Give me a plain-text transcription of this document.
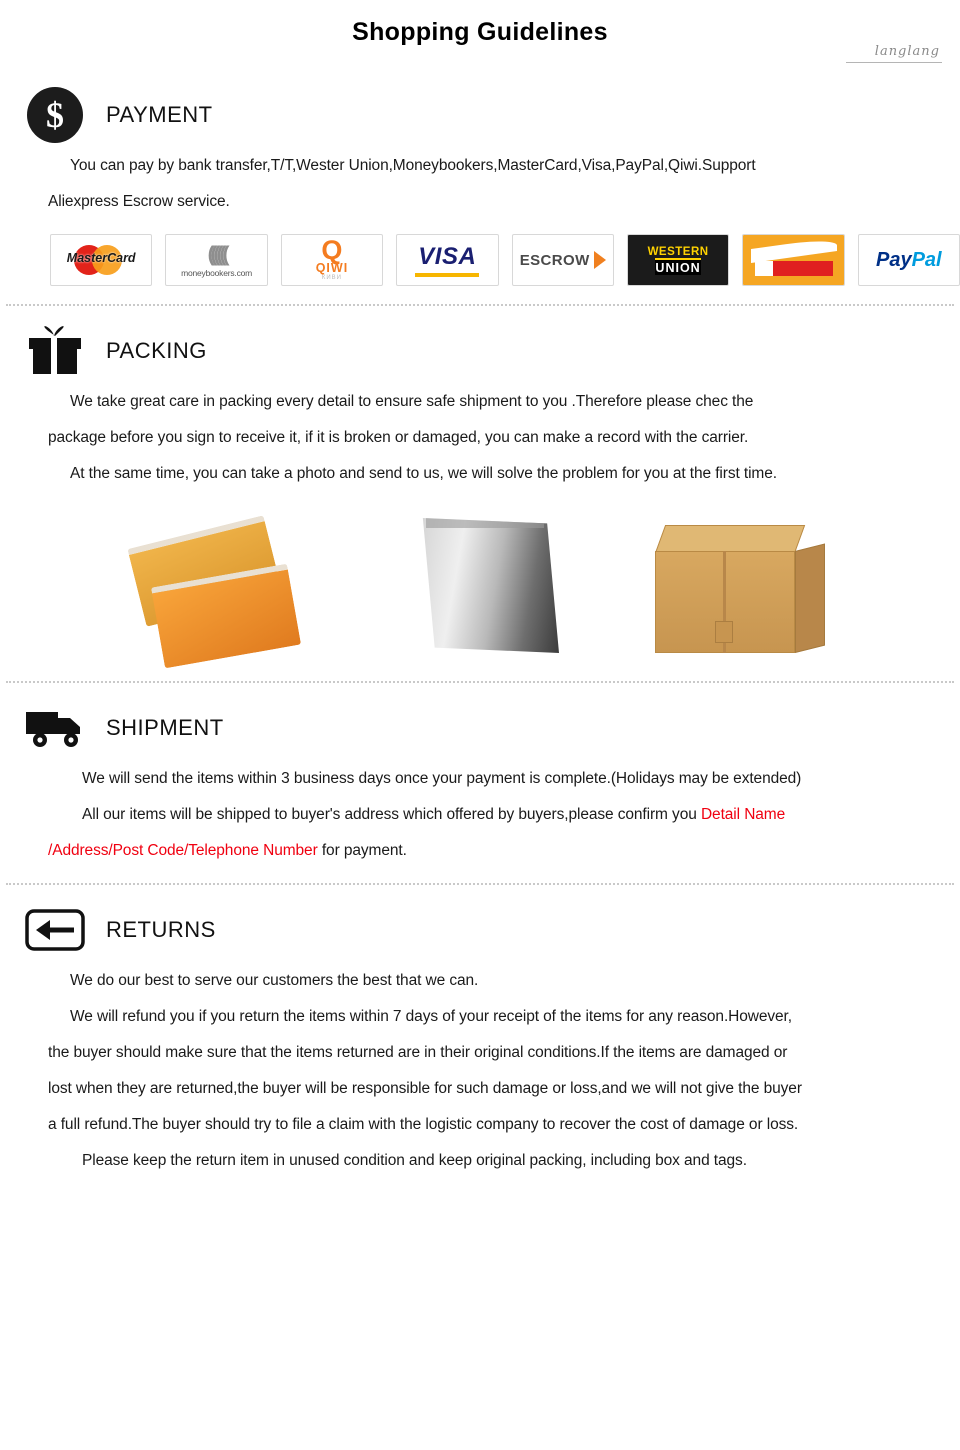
Shopping Guidelines
langlang
$ PAYMENT

You can pay by bank transfer,T/T,Wester Union,Moneybookers,MasterCard,Visa,PayPal,Qiwi.Support

Aliexpress Escrow service.

MasterCard	((((((
moneybookers.com
Q
QIWI
КИВИ
VISA	ESCROW	WESTERN
UNION	PayPal
PACKING

We take great care in packing every detail to ensure safe shipment to you .Therefore please chec the

package before you sign to receive it, if it is broken or damaged, you can make a record with the carrier.

At the same time, you can take a photo and send to us, we will solve the problem for you at the first time.

SHIPMENT

We will send the items within 3 business days once your payment is complete.(Holidays may be extended)

All our items will be shipped to buyer's address which offered by buyers,please confirm you Detail Name

/Address/Post Code/Telephone Number for payment.

RETURNS

We do our best to serve our customers the best that we can.

We will refund you if you return the items within 7 days of your receipt of the items for any reason.However,

the buyer should make sure that the items returned are in their original conditions.If the items are damaged or

lost when they are returned,the buyer will be responsible for such damage or loss,and we will not give the buyer

a full refund.The buyer should try to file a claim with the logistic company to recover the cost of damage or loss.

Please keep the return item in unused condition and keep original packing, including box and tags.
